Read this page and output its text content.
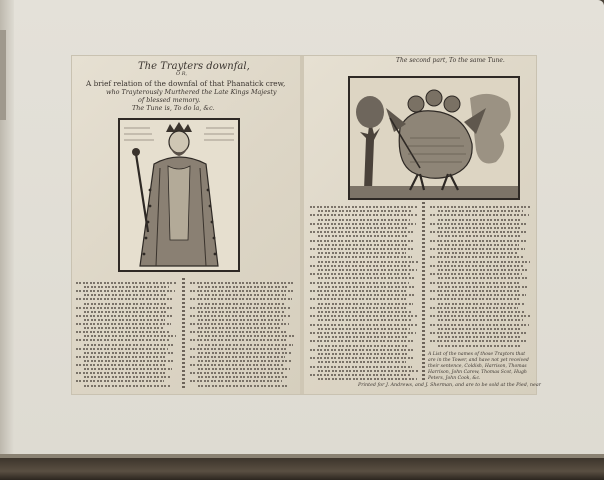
The Trayters downfal,
O R,
A brief relation of the downfal of that Phanatick crew,
who Trayterously Murthered the Late Kings Majesty
of blessed memory.
The Tune is, To do la, &c.
The second part, To the same Tune.
A List of the names of those Traytors that are in the Tower, and have not yet received their sentence, Coldish, Harrison, Thomas Harrison, John Carew, Thomas Scot, Hugh Peters, John Cook, &c.
Printed for J. Andrews, and J. Sherman, and are to be sold at the Pied, near
